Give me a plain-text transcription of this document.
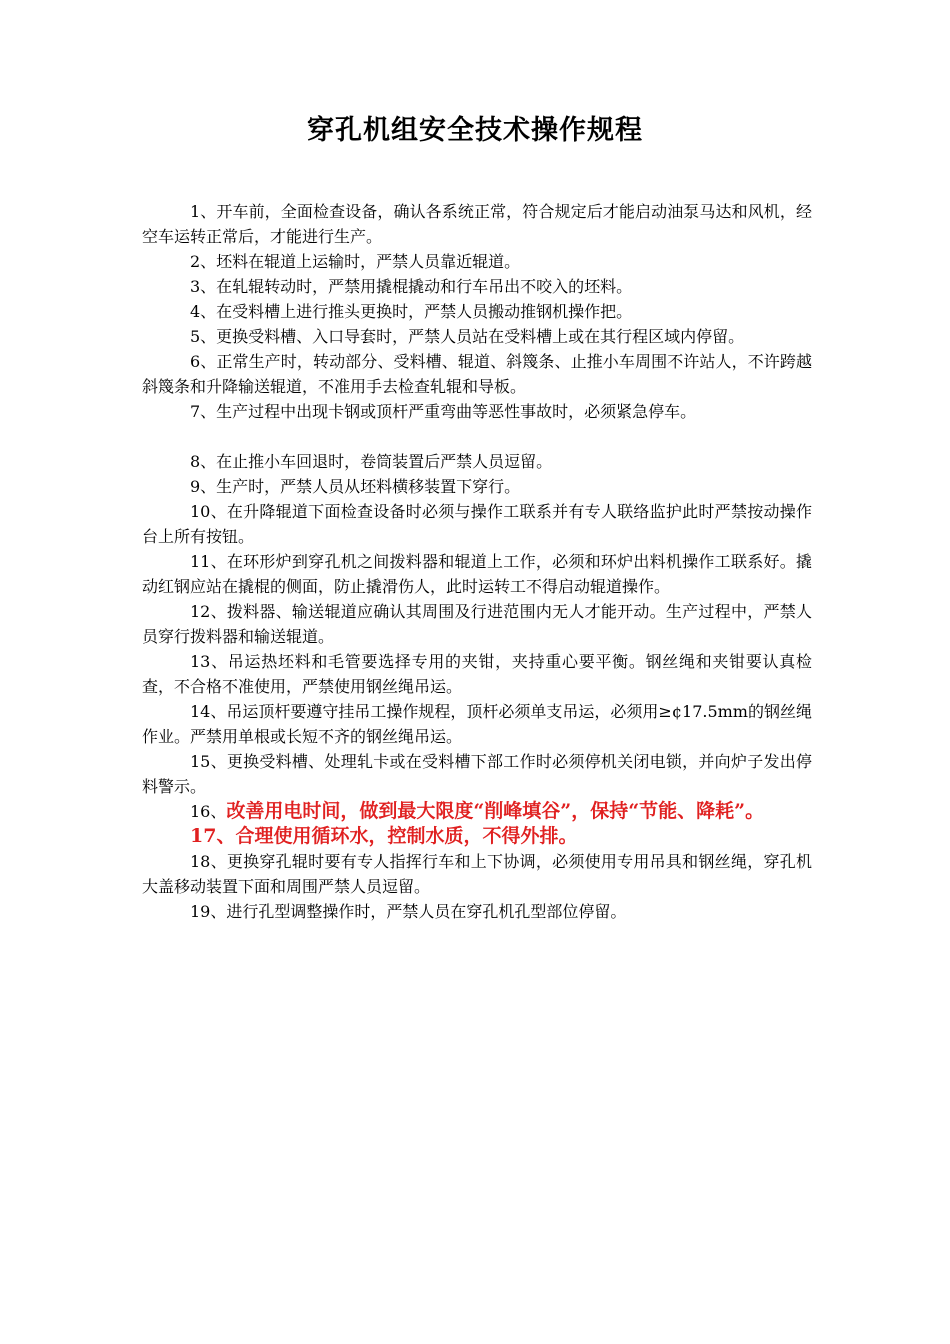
穿孔机组安全技术操作规程

1、开车前，全面检查设备，确认各系统正常，符合规定后才能启动油泵马达和风机，经空车运转正常后，才能进行生产。

2、坯料在辊道上运输时，严禁人员靠近辊道。

3、在轧辊转动时，严禁用撬棍撬动和行车吊出不咬入的坯料。

4、在受料槽上进行推头更换时，严禁人员搬动推钢机操作把。

5、更换受料槽、入口导套时，严禁人员站在受料槽上或在其行程区域内停留。

6、正常生产时，转动部分、受料槽、辊道、斜篾条、止推小车周围不许站人，不许跨越斜篾条和升降输送辊道，不准用手去检查轧辊和导板。

7、生产过程中出现卡钢或顶杆严重弯曲等恶性事故时，必须紧急停车。

8、在止推小车回退时，卷筒装置后严禁人员逗留。

9、生产时，严禁人员从坯料横移装置下穿行。

10、在升降辊道下面检查设备时必须与操作工联系并有专人联络监护此时严禁按动操作台上所有按钮。

11、在环形炉到穿孔机之间拨料器和辊道上工作，必须和环炉出料机操作工联系好。撬动红钢应站在撬棍的侧面，防止撬滑伤人，此时运转工不得启动辊道操作。

12、拨料器、输送辊道应确认其周围及行进范围内无人才能开动。生产过程中，严禁人员穿行拨料器和输送辊道。

13、吊运热坯料和毛管要选择专用的夹钳，夹持重心要平衡。钢丝绳和夹钳要认真检查，不合格不准使用，严禁使用钢丝绳吊运。

14、吊运顶杆要遵守挂吊工操作规程，顶杆必须单支吊运，必须用≥¢17.5mm的钢丝绳作业。严禁用单根或长短不齐的钢丝绳吊运。

15、更换受料槽、处理轧卡或在受料槽下部工作时必须停机关闭电锁，并向炉子发出停料警示。

16、改善用电时间，做到最大限度“削峰填谷”，保持“节能、降耗”。

17、合理使用循环水，控制水质，不得外排。

18、更换穿孔辊时要有专人指挥行车和上下协调，必须使用专用吊具和钢丝绳，穿孔机大盖移动装置下面和周围严禁人员逗留。

19、进行孔型调整操作时，严禁人员在穿孔机孔型部位停留。
